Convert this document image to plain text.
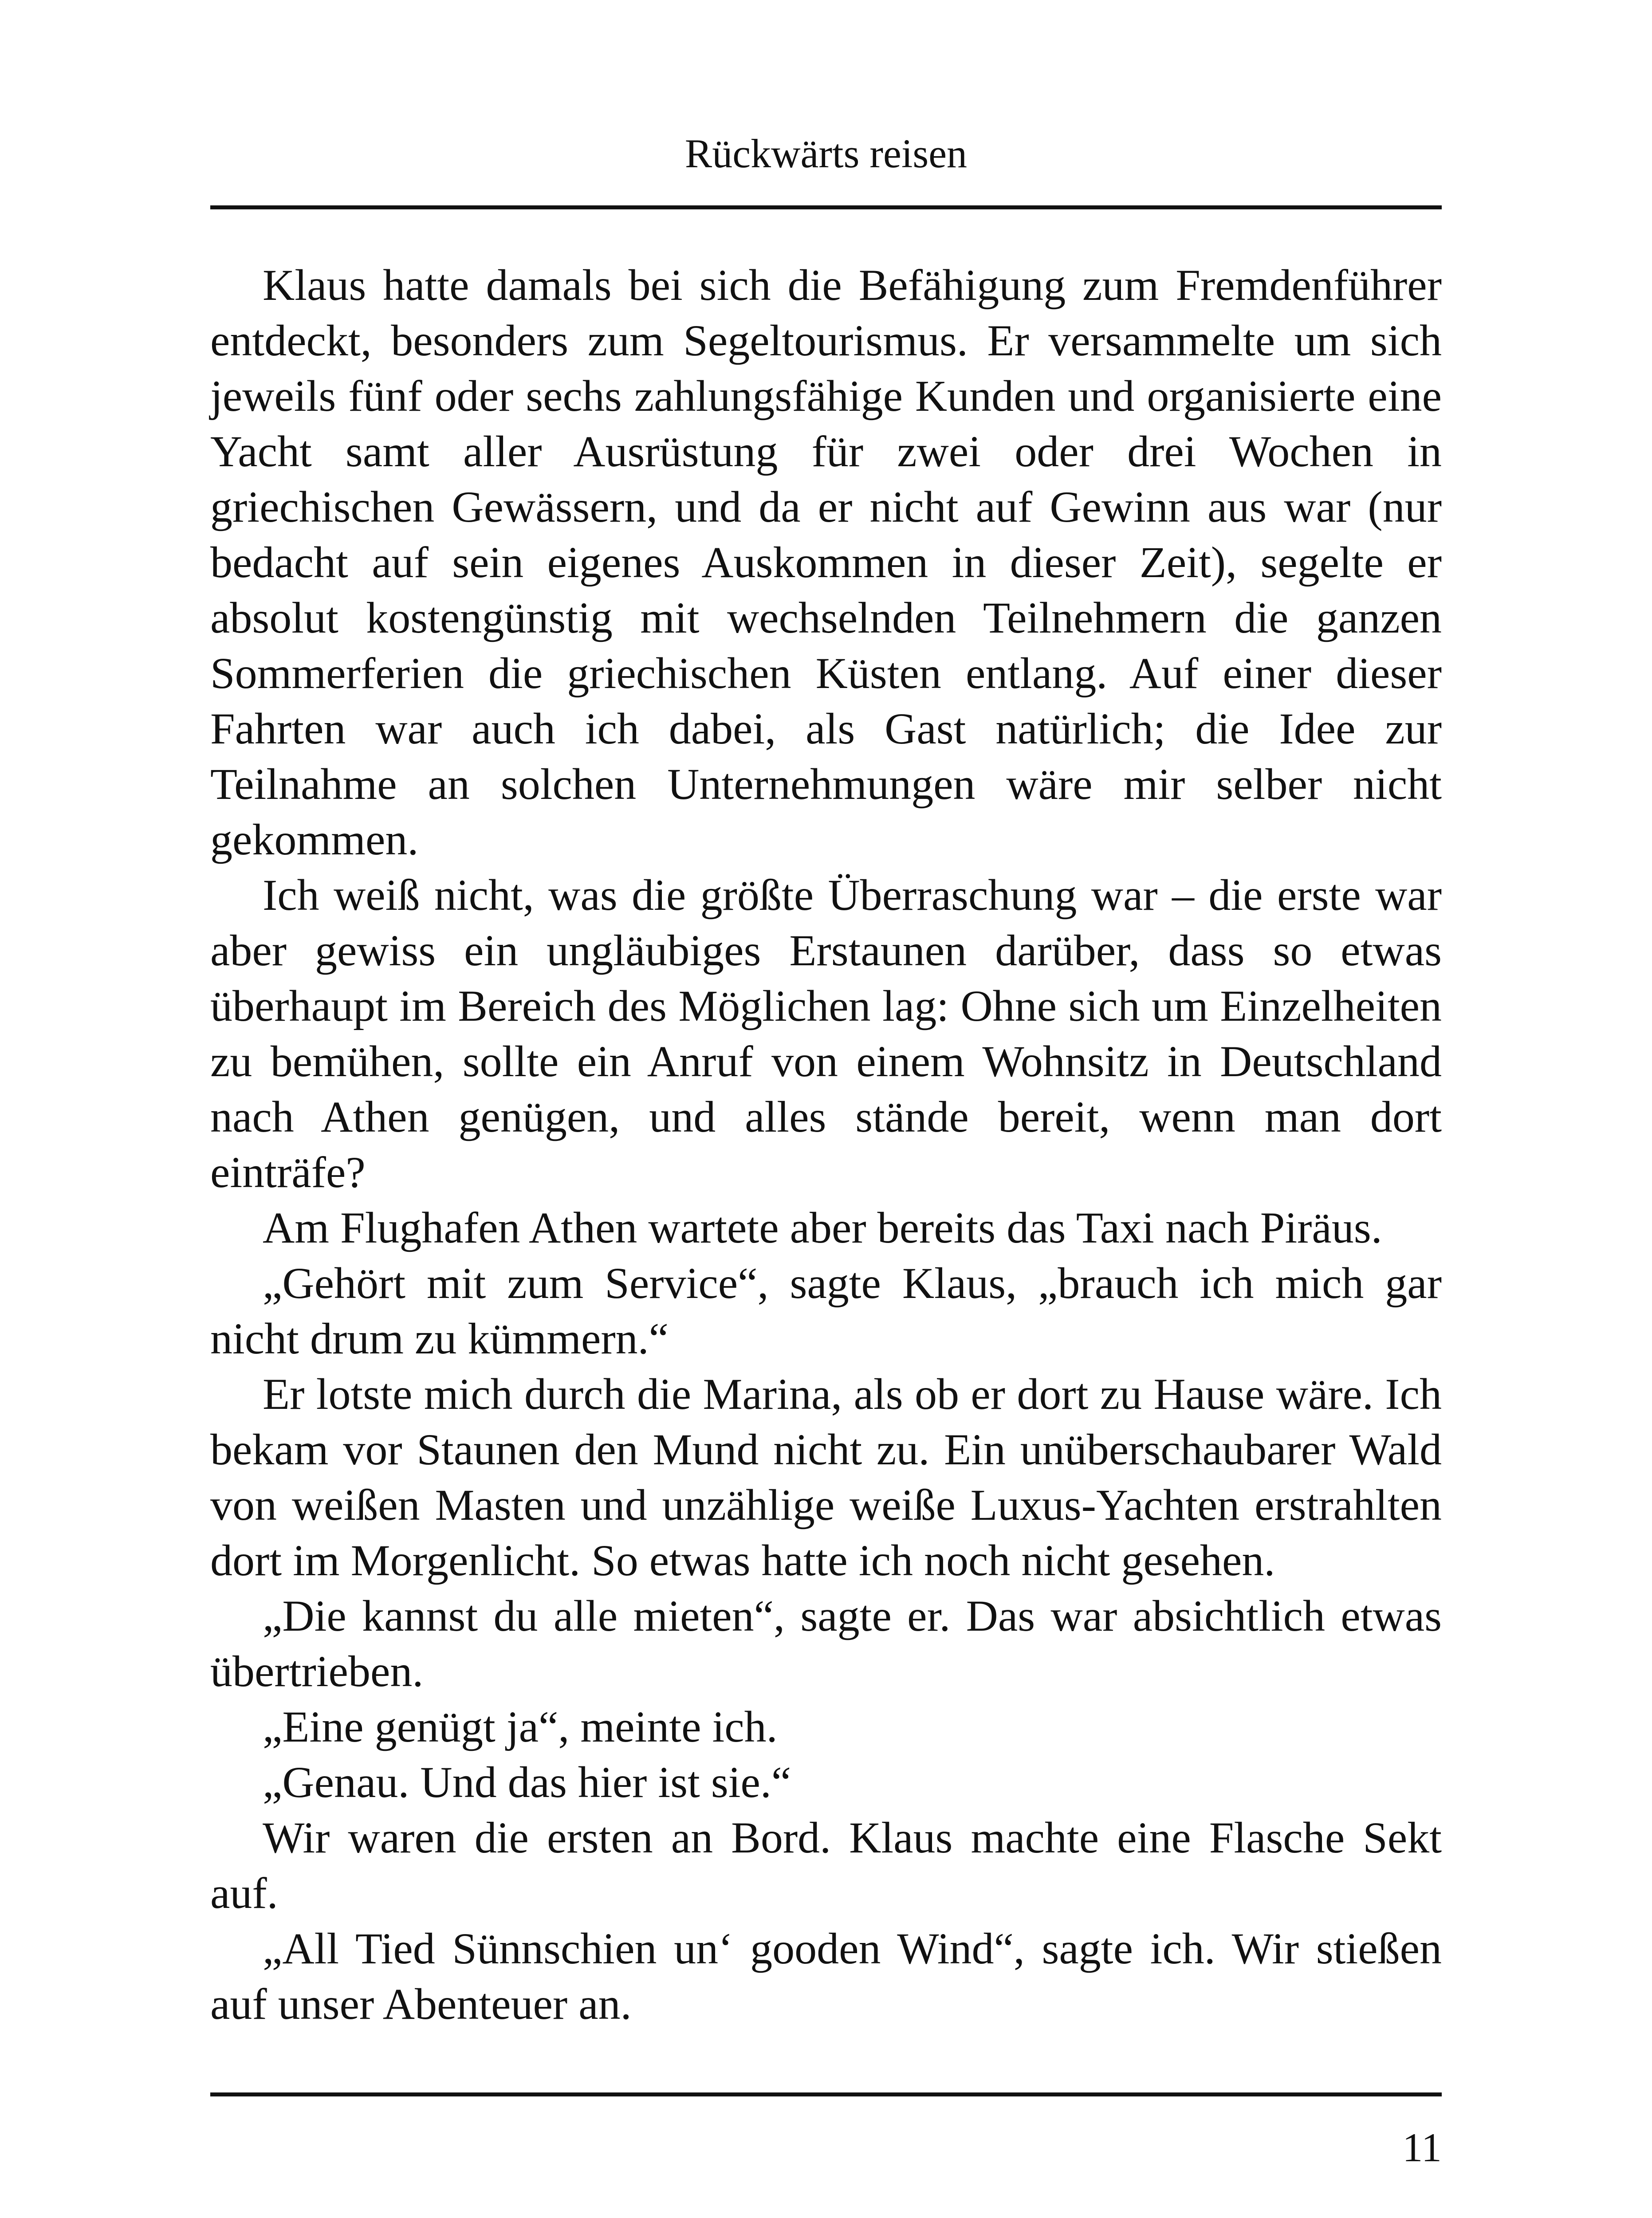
Rückwärts reisen

Klaus hatte damals bei sich die Befähigung zum Fremdenführer entdeckt, besonders zum Segeltourismus. Er versammelte um sich jeweils fünf oder sechs zahlungsfähige Kunden und organisierte eine Yacht samt aller Ausrüstung für zwei oder drei Wochen in griechischen Gewässern, und da er nicht auf Gewinn aus war (nur bedacht auf sein eigenes Auskommen in dieser Zeit), segelte er absolut kostengünstig mit wechselnden Teilnehmern die ganzen Sommerferien die griechischen Küsten entlang. Auf einer dieser Fahrten war auch ich dabei, als Gast natürlich; die Idee zur Teilnahme an solchen Unternehmungen wäre mir selber nicht gekommen.

Ich weiß nicht, was die größte Überraschung war – die erste war aber gewiss ein ungläubiges Erstaunen darüber, dass so etwas überhaupt im Bereich des Möglichen lag: Ohne sich um Einzelheiten zu bemühen, sollte ein Anruf von einem Wohnsitz in Deutschland nach Athen genügen, und alles stände bereit, wenn man dort einträfe?

Am Flughafen Athen wartete aber bereits das Taxi nach Piräus.

„Gehört mit zum Service“, sagte Klaus, „brauch ich mich gar nicht drum zu kümmern.“

Er lotste mich durch die Marina, als ob er dort zu Hause wäre. Ich bekam vor Staunen den Mund nicht zu. Ein unüberschaubarer Wald von weißen Masten und unzählige weiße Luxus-Yachten erstrahlten dort im Morgenlicht. So etwas hatte ich noch nicht gesehen.

„Die kannst du alle mieten“, sagte er. Das war absichtlich etwas übertrieben.

„Eine genügt ja“, meinte ich.

„Genau. Und das hier ist sie.“

Wir waren die ersten an Bord. Klaus machte eine Flasche Sekt auf.

„All Tied Sünnschien un‘ gooden Wind“, sagte ich. Wir stießen auf unser Abenteuer an.

11
